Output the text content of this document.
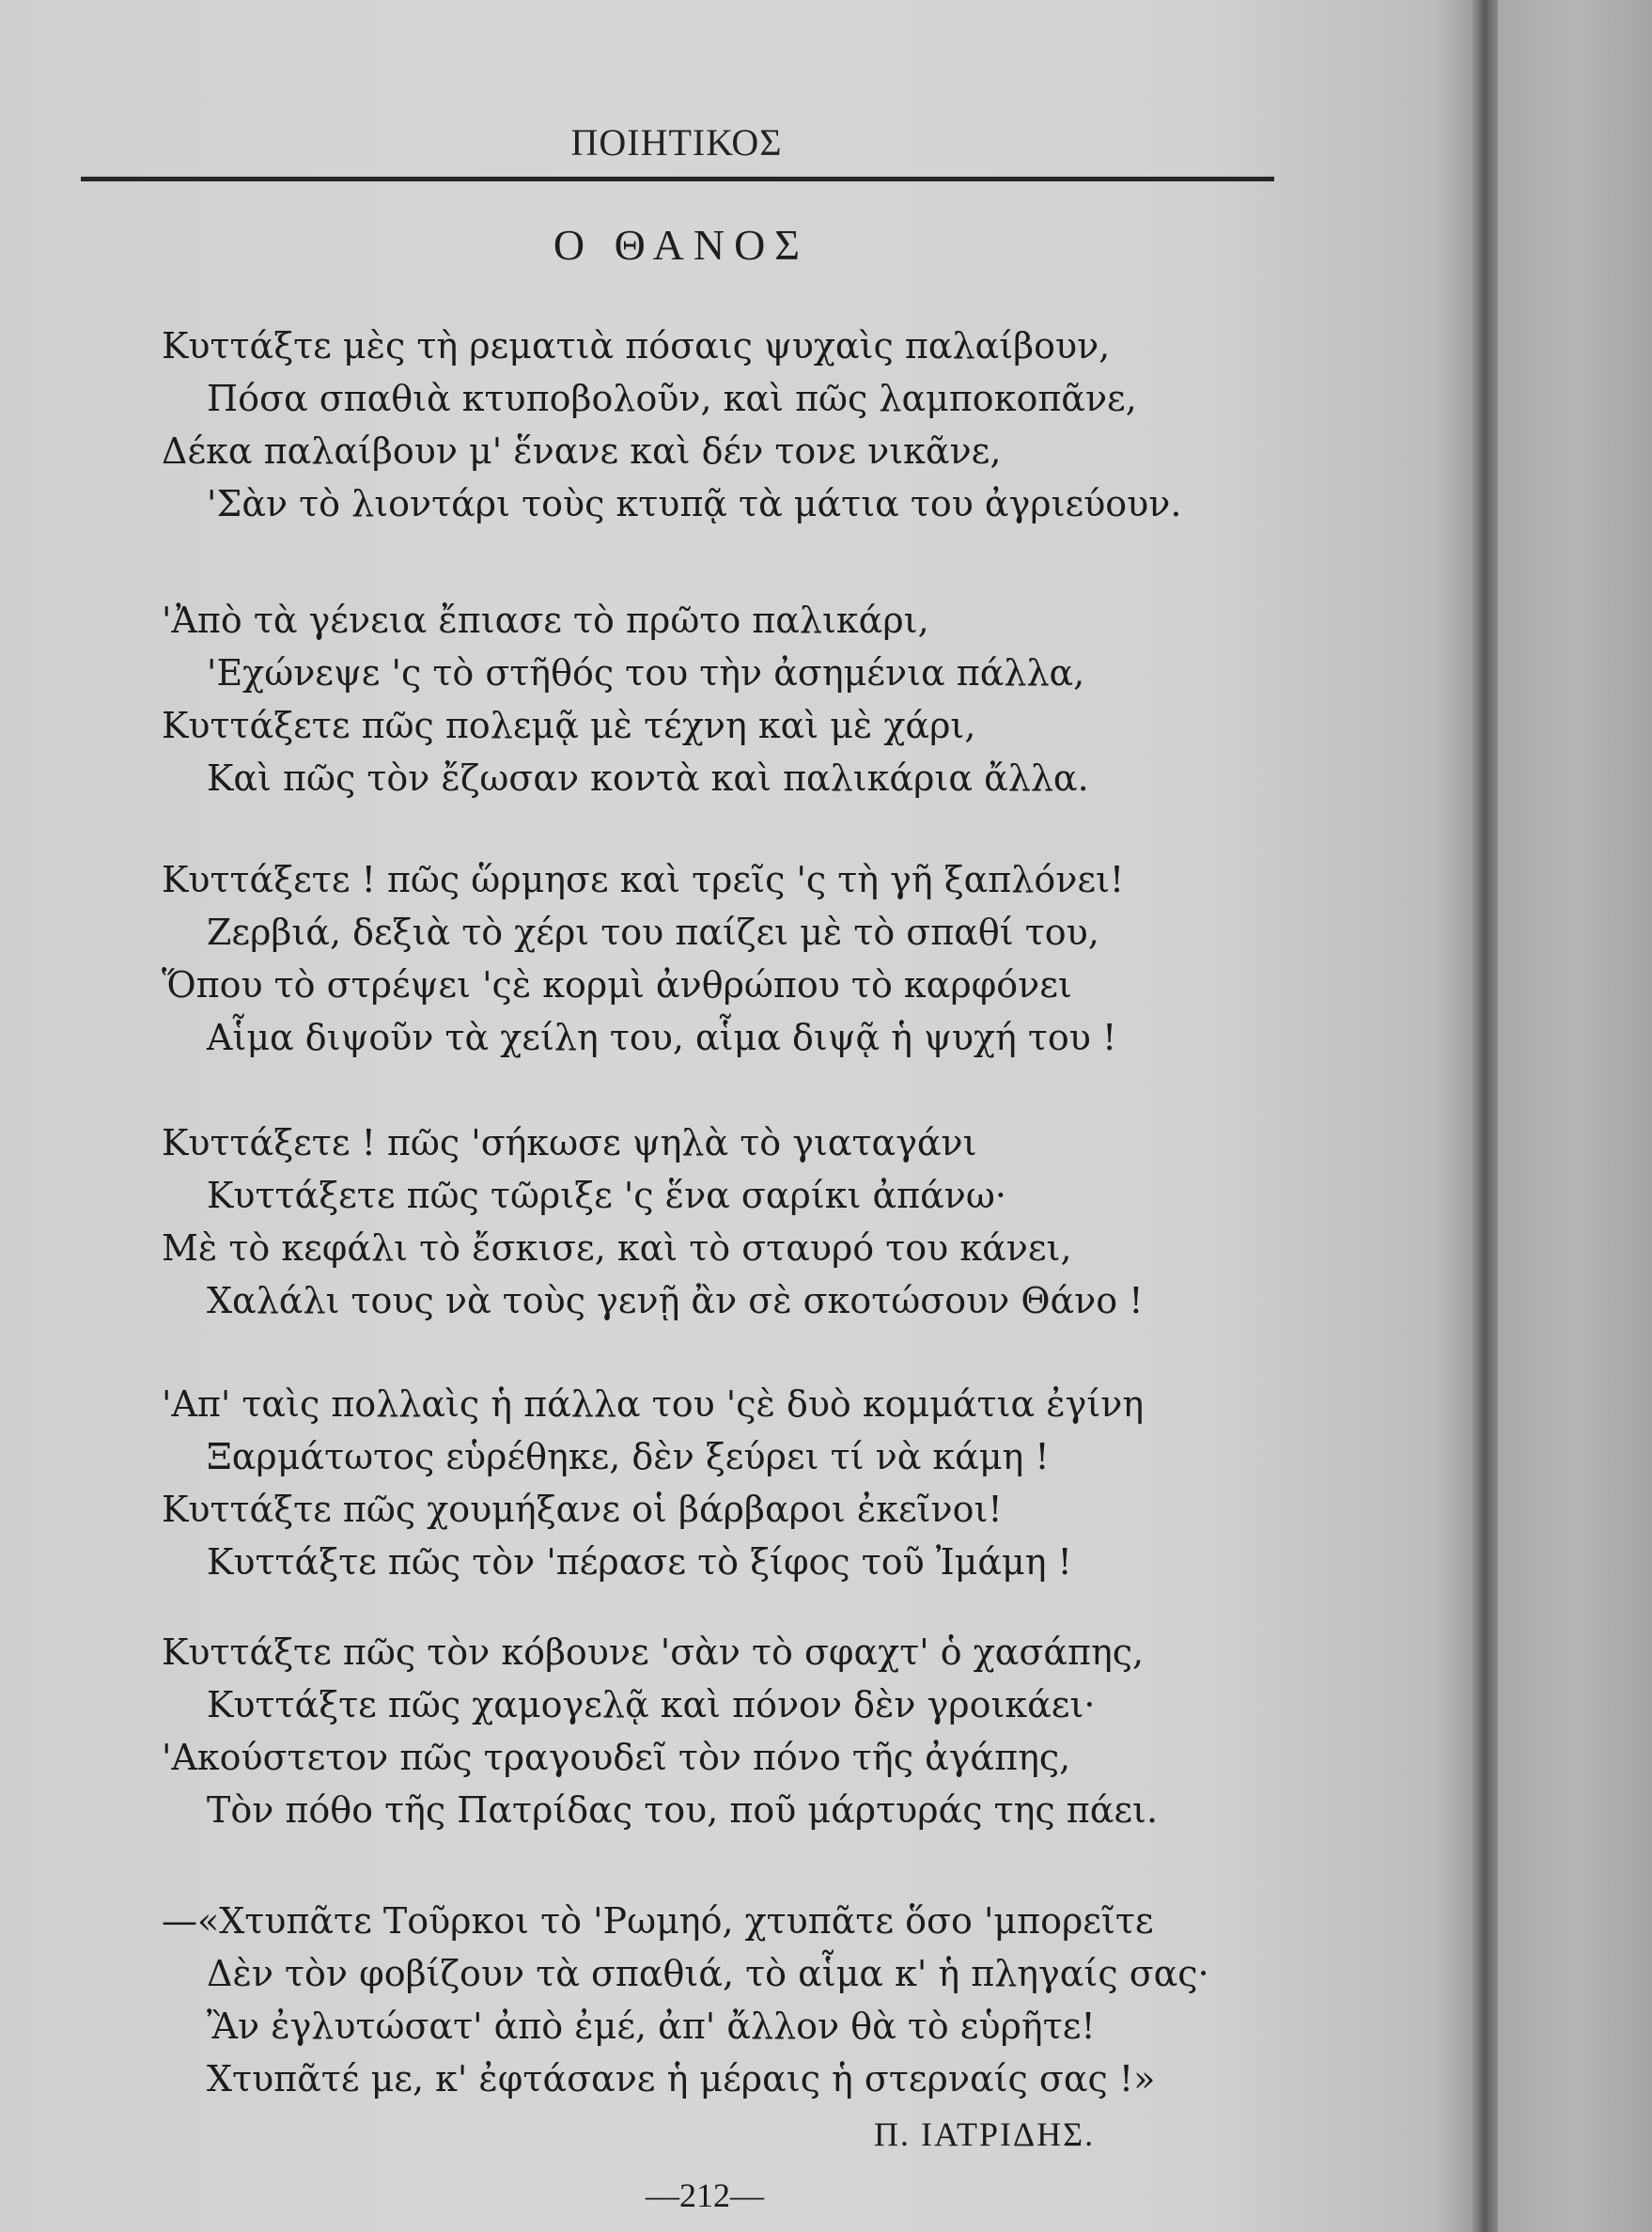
ΠΟΙΗΤΙΚΟΣ
Ο ΘΑΝΟΣ
Κυττάξτε μὲς τὴ ρεματιὰ πόσαις ψυχαὶς παλαίβουν,
Πόσα σπαθιὰ κτυποβολοῦν, καὶ πῶς λαμποκοπᾶνε,
Δέκα παλαίβουν μ' ἕνανε καὶ δέν τονε νικᾶνε,
'Σὰν τὸ λιοντάρι τοὺς κτυπᾷ τὰ μάτια του ἀγριεύουν.
'Ἀπὸ τὰ γένεια ἔπιασε τὸ πρῶτο παλικάρι,
'Εχώνεψε 'ς τὸ στῆθός του τὴν ἀσημένια πάλλα,
Κυττάξετε πῶς πολεμᾷ μὲ τέχνη καὶ μὲ χάρι,
Καὶ πῶς τὸν ἔζωσαν κοντὰ καὶ παλικάρια ἄλλα.
Κυττάξετε ! πῶς ὥρμησε καὶ τρεῖς 'ς τὴ γῆ ξαπλόνει!
Ζερβιά, δεξιὰ τὸ χέρι του παίζει μὲ τὸ σπαθί του,
Ὅπου τὸ στρέψει 'ςὲ κορμὶ ἀνθρώπου τὸ καρφόνει
Αἷμα διψοῦν τὰ χείλη του, αἷμα διψᾷ ἡ ψυχή του !
Κυττάξετε ! πῶς 'σήκωσε ψηλὰ τὸ γιαταγάνι
Κυττάξετε πῶς τῶριξε 'ς ἕνα σαρίκι ἀπάνω·
Μὲ τὸ κεφάλι τὸ ἔσκισε, καὶ τὸ σταυρό του κάνει,
Χαλάλι τους νὰ τοὺς γενῇ ἂν σὲ σκοτώσουν Θάνο !
'Απ' ταὶς πολλαὶς ἡ πάλλα του 'ςὲ δυὸ κομμάτια ἐγίνη
Ξαρμάτωτος εὑρέθηκε, δὲν ξεύρει τί νὰ κάμη !
Κυττάξτε πῶς χουμήξανε οἱ βάρβαροι ἐκεῖνοι!
Κυττάξτε πῶς τὸν 'πέρασε τὸ ξίφος τοῦ Ἰμάμη !
Κυττάξτε πῶς τὸν κόβουνε 'σὰν τὸ σφαχτ' ὁ χασάπης,
Κυττάξτε πῶς χαμογελᾷ καὶ πόνον δὲν γροικάει·
'Ακούστετον πῶς τραγουδεῖ τὸν πόνο τῆς ἀγάπης,
Τὸν πόθο τῆς Πατρίδας του, ποῦ μάρτυράς της πάει.
—«Χτυπᾶτε Τοῦρκοι τὸ 'Ρωμηό, χτυπᾶτε ὅσο 'μπορεῖτε
Δὲν τὸν φοβίζουν τὰ σπαθιά, τὸ αἷμα κ' ἡ πληγαίς σας·
Ἂν ἐγλυτώσατ' ἀπὸ ἐμέ, ἀπ' ἄλλον θὰ τὸ εὑρῆτε!
Χτυπᾶτέ με, κ' ἐφτάσανε ἡ μέραις ἡ στερναίς σας !»
Π. ΙΑΤΡΙΔΗΣ.
—212—
